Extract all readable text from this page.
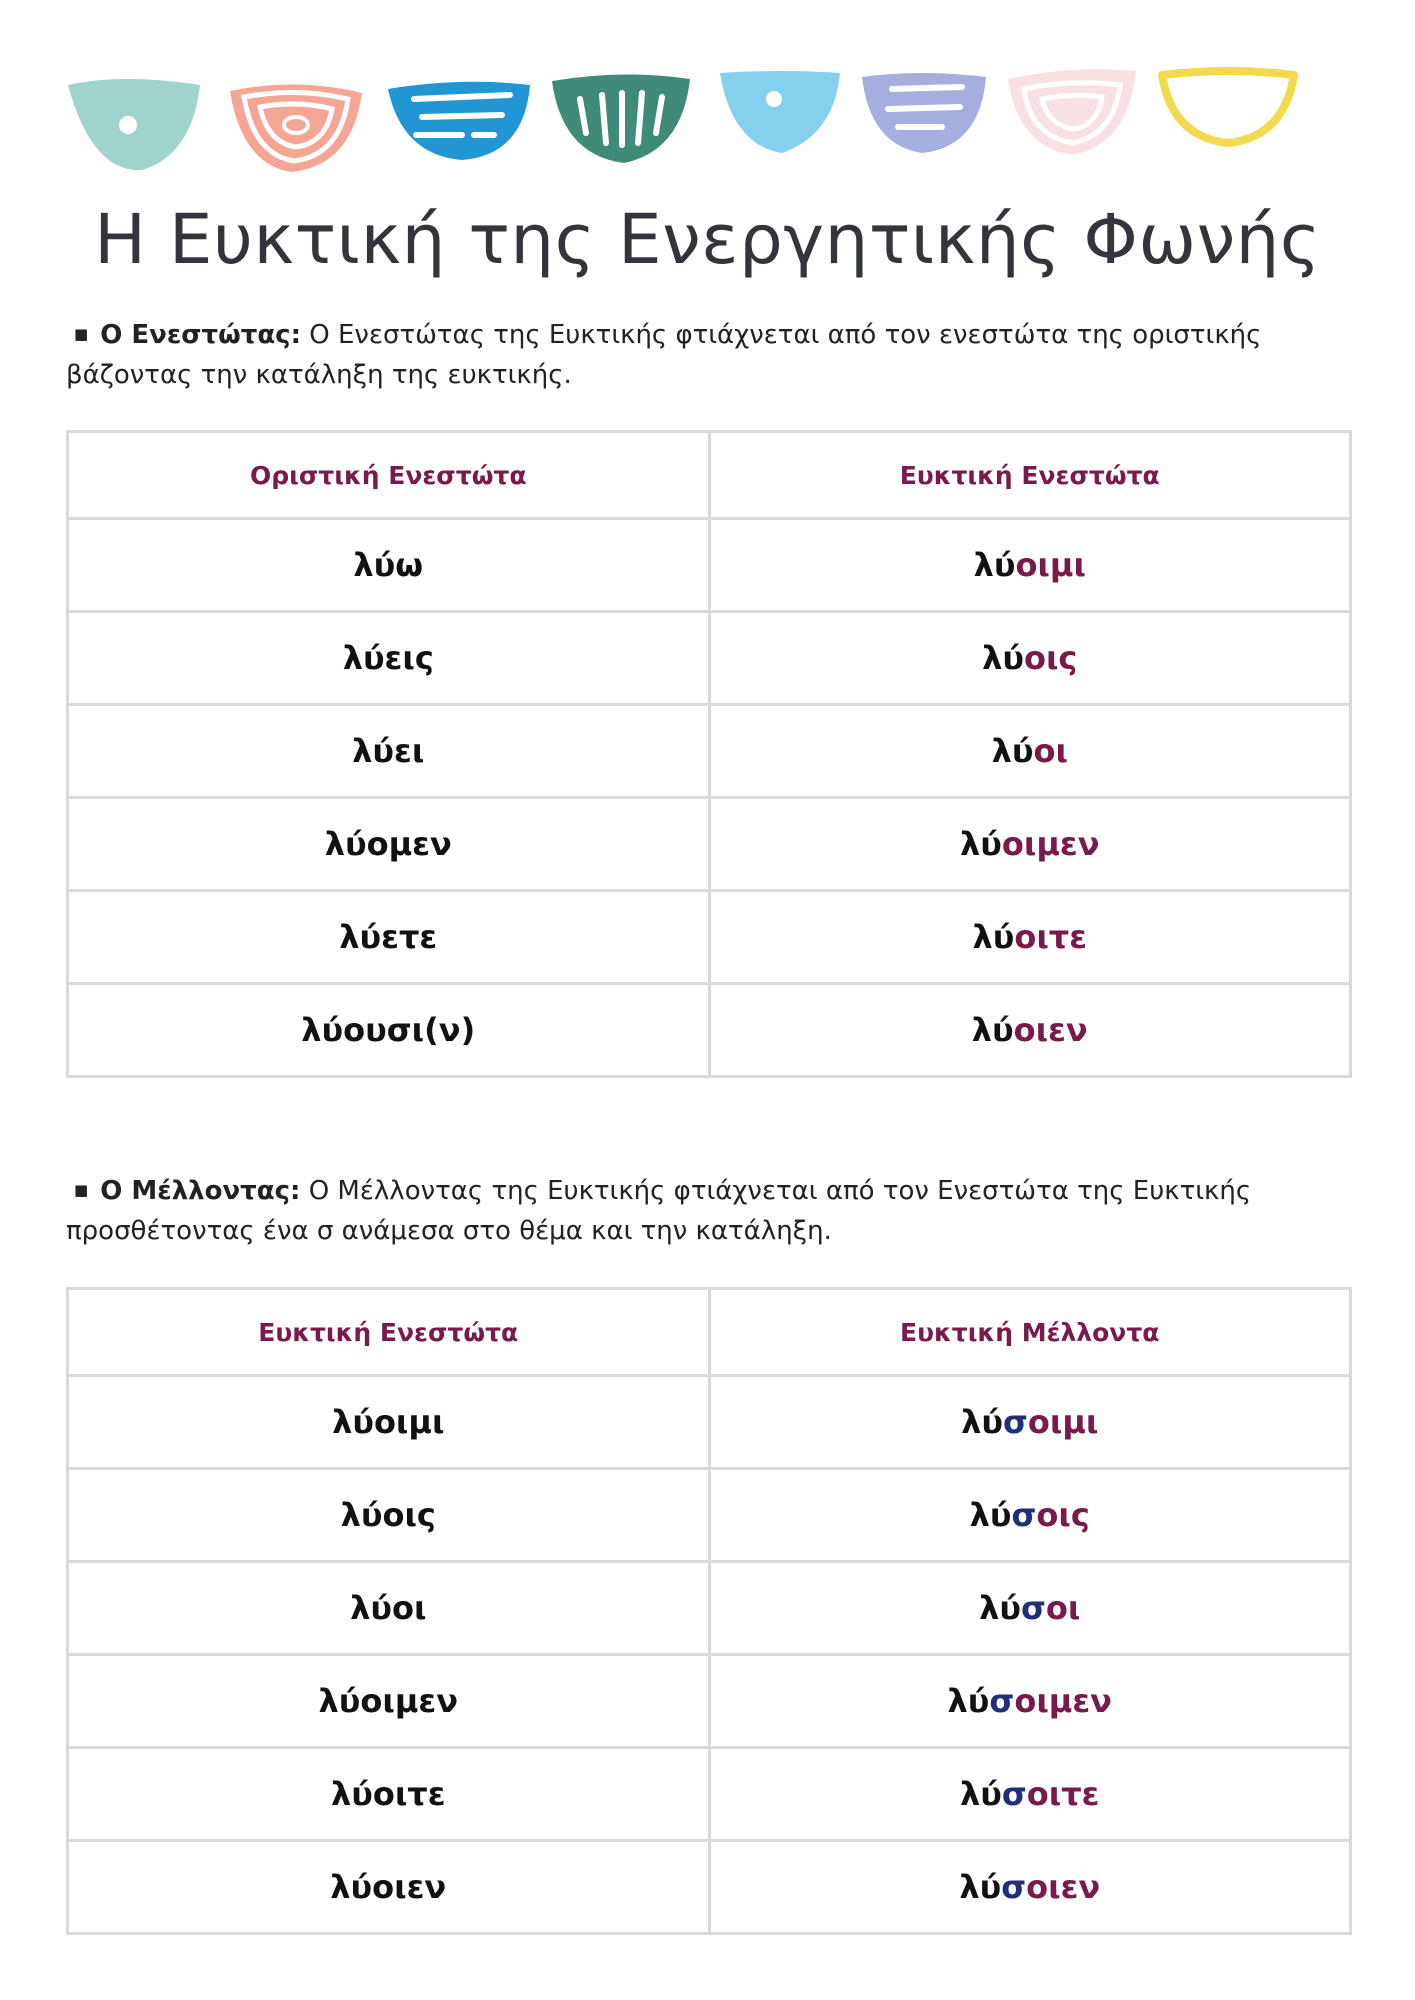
Η Ευκτική της Ενεργητικής Φωνής
■ Ο Ενεστώτας: Ο Ενεστώτας της Ευκτικής φτιάχνεται από τον ενεστώτα της οριστικής βάζοντας την κατάληξη της ευκτικής.
Οριστική Ενεστώτα	Ευκτική Ενεστώτα
λύω	λύοιμι
λύεις	λύοις
λύει	λύοι
λύομεν	λύοιμεν
λύετε	λύοιτε
λύουσι(ν)	λύοιεν
■ Ο Μέλλοντας: Ο Μέλλοντας της Ευκτικής φτιάχνεται από τον Ενεστώτα της Ευκτικής προσθέτοντας ένα σ ανάμεσα στο θέμα και την κατάληξη.
Ευκτική Ενεστώτα	Ευκτική Μέλλοντα
λύοιμι	λύσοιμι
λύοις	λύσοις
λύοι	λύσοι
λύοιμεν	λύσοιμεν
λύοιτε	λύσοιτε
λύοιεν	λύσοιεν
